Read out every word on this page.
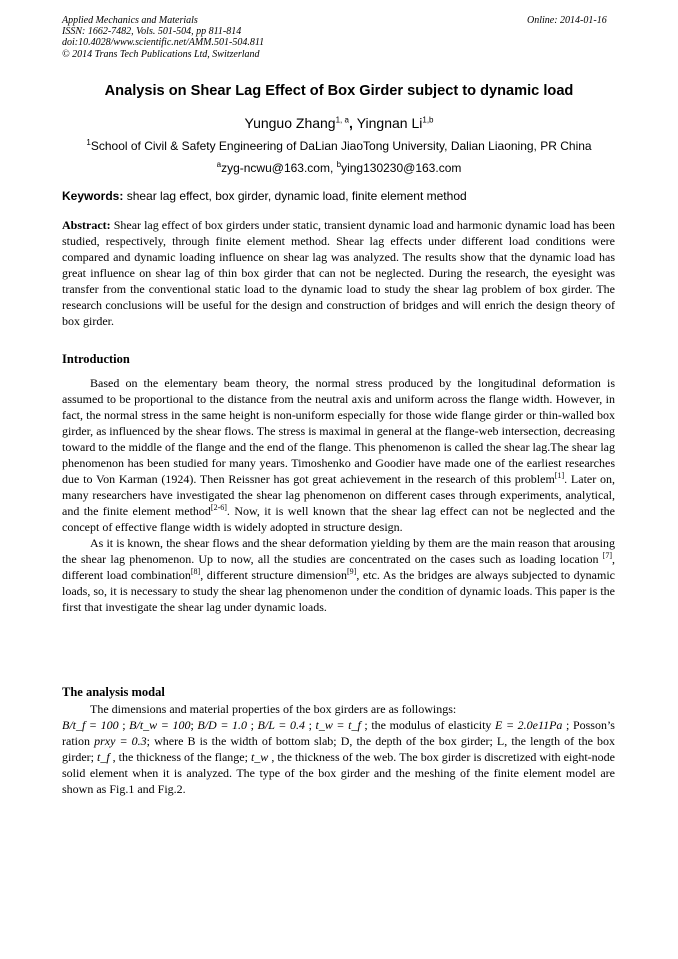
Applied Mechanics and Materials
ISSN: 1662-7482, Vols. 501-504, pp 811-814
doi:10.4028/www.scientific.net/AMM.501-504.811
© 2014 Trans Tech Publications Ltd, Switzerland
Online: 2014-01-16
Analysis on Shear Lag Effect of Box Girder subject to dynamic load
Yunguo Zhang$^{1, a}$, Yingnan Li$^{1,b}$
$^1$School of Civil & Safety Engineering of DaLian JiaoTong University, Dalian Liaoning, PR China
$^a$zyg-ncwu@163.com, $^b$ying130230@163.com
Keywords: shear lag effect, box girder, dynamic load, finite element method

Abstract: Shear lag effect of box girders under static, transient dynamic load and harmonic dynamic load has been studied, respectively, through finite element method. Shear lag effects under different load conditions were compared and dynamic loading influence on shear lag was analyzed. The results show that the dynamic load has great influence on shear lag of thin box girder that can not be neglected. During the research, the eyesight was transfer from the conventional static load to the dynamic load to study the shear lag problem of box girder. The research conclusions will be useful for the design and construction of bridges and will enrich the design theory of box girder.

Introduction

Based on the elementary beam theory, the normal stress produced by the longitudinal deformation is assumed to be proportional to the distance from the neutral axis and uniform across the flange width. However, in fact, the normal stress in the same height is non-uniform especially for those wide flange girder or thin-walled box girder, as influenced by the shear flows. The stress is maximal in general at the flange-web intersection, decreasing toward to the middle of the flange and the end of the flange. This phenomenon is called the shear lag.The shear lag phenomenon has been studied for many years. Timoshenko and Goodier have made one of the earliest researches due to Von Karman (1924). Then Reissner has got great achievement in the research of this problem[1]. Later on, many researchers have investigated the shear lag phenomenon on different cases through experiments, analytical, and the finite element method[2-6]. Now, it is well known that the shear lag effect can not be neglected and the concept of effective flange width is widely adopted in structure design.

As it is known, the shear flows and the shear deformation yielding by them are the main reason that arousing the shear lag phenomenon. Up to now, all the studies are concentrated on the cases such as loading location [7], different load combination[8], different structure dimension[9], etc. As the bridges are always subjected to dynamic loads, so, it is necessary to study the shear lag phenomenon under the condition of dynamic loads. This paper is the first that investigate the shear lag under dynamic loads.

The analysis modal

The dimensions and material properties of the box girders are as followings:

B/t_f = 100 ; B/t_w = 100; B/D = 1.0 ; B/L = 0.4 ; t_w = t_f ; the modulus of elasticity E = 2.0e11Pa ; Posson’s ration prxy = 0.3; where B is the width of bottom slab; D, the depth of the box girder; L, the length of the box girder; t_f , the thickness of the flange; t_w , the thickness of the web. The box girder is discretized with eight-node solid element when it is analyzed. The type of the box girder and the meshing of the finite element model are shown as Fig.1 and Fig.2.
